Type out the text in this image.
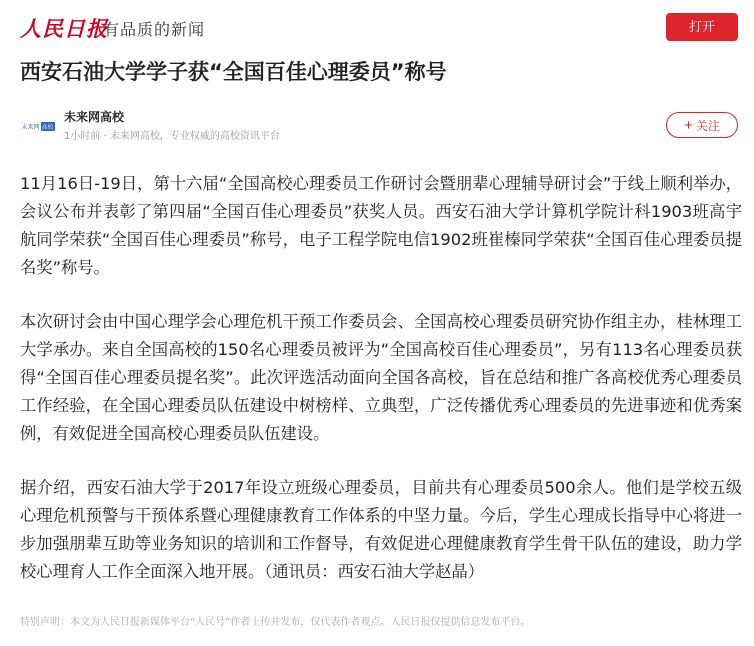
人民日报
有品质的新闻	打开
西安石油大学学子获“全国百佳心理委员”称号
未来网 高校
未来网高校
1小时前 · 未来网高校，专业权威的高校资讯平台
+ 关注

11月16日-19日，第十六届“全国高校心理委员工作研讨会暨朋辈心理辅导研讨会”于线上顺利举办，会议公布并表彰了第四届“全国百佳心理委员”获奖人员。西安石油大学计算机学院计科1903班高宇航同学荣获“全国百佳心理委员”称号，电子工程学院电信1902班崔榛同学荣获“全国百佳心理委员提名奖”称号。

本次研讨会由中国心理学会心理危机干预工作委员会、全国高校心理委员研究协作组主办，桂林理工大学承办。来自全国高校的150名心理委员被评为“全国高校百佳心理委员”，另有113名心理委员获得“全国百佳心理委员提名奖”。此次评选活动面向全国各高校，旨在总结和推广各高校优秀心理委员工作经验，在全国心理委员队伍建设中树榜样、立典型，广泛传播优秀心理委员的先进事迹和优秀案例，有效促进全国高校心理委员队伍建设。

据介绍，西安石油大学于2017年设立班级心理委员，目前共有心理委员500余人。他们是学校五级心理危机预警与干预体系暨心理健康教育工作体系的中坚力量。今后，学生心理成长指导中心将进一步加强朋辈互助等业务知识的培训和工作督导，有效促进心理健康教育学生骨干队伍的建设，助力学校心理育人工作全面深入地开展。（通讯员：西安石油大学赵晶）

特别声明：本文为人民日报新媒体平台“人民号”作者上传并发布，仅代表作者观点。人民日报仅提供信息发布平台。
